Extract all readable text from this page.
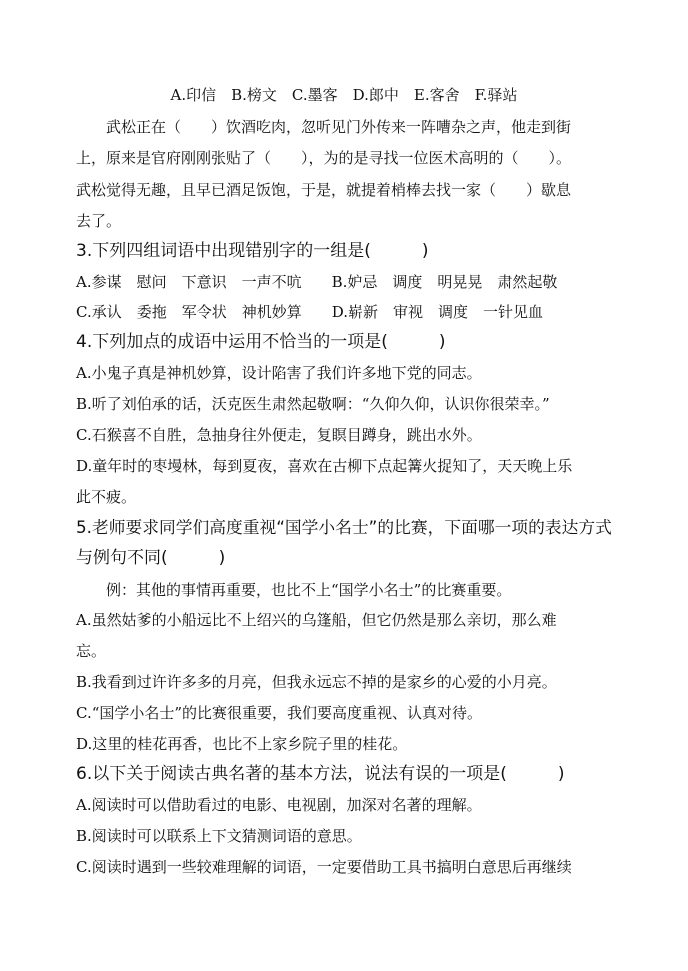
A.印信　B.榜文　C.墨客　D.郎中　E.客舍　F.驿站
武松正在（　　）饮酒吃肉，忽听见门外传来一阵嘈杂之声，他走到街
上，原来是官府刚刚张贴了（　　），为的是寻找一位医术高明的（　　）。
武松觉得无趣，且早已酒足饭饱，于是，就提着梢棒去找一家（　　）歇息
去了。
3.下列四组词语中出现错别字的一组是(　　　)
A.参谋　慰问　下意识　一声不吭　　B.妒忌　调度　明晃晃　肃然起敬
C.承认　委拖　军令状　神机妙算　　D.崭新　审视　调度　一针见血
4.下列加点的成语中运用不恰当的一项是(　　　)
A.小鬼子真是神机妙算，设计陷害了我们许多地下党的同志。
B.听了刘伯承的话，沃克医生肃然起敬啊：“久仰久仰，认识你很荣幸。”
C.石猴喜不自胜，急抽身往外便走，复瞑目蹲身，跳出水外。
D.童年时的枣墁林，每到夏夜，喜欢在古柳下点起篝火捉知了，天天晚上乐
此不疲。
5.老师要求同学们高度重视“国学小名士”的比赛，下面哪一项的表达方式
与例句不同(　　　)
例：其他的事情再重要，也比不上“国学小名士”的比赛重要。
A.虽然姑爹的小船远比不上绍兴的乌篷船，但它仍然是那么亲切，那么难
忘。
B.我看到过许许多多的月亮，但我永远忘不掉的是家乡的心爱的小月亮。
C.“国学小名士”的比赛很重要，我们要高度重视、认真对待。
D.这里的桂花再香，也比不上家乡院子里的桂花。
6.以下关于阅读古典名著的基本方法，说法有误的一项是(　　　)
A.阅读时可以借助看过的电影、电视剧，加深对名著的理解。
B.阅读时可以联系上下文猜测词语的意思。
C.阅读时遇到一些较难理解的词语，一定要借助工具书搞明白意思后再继续
